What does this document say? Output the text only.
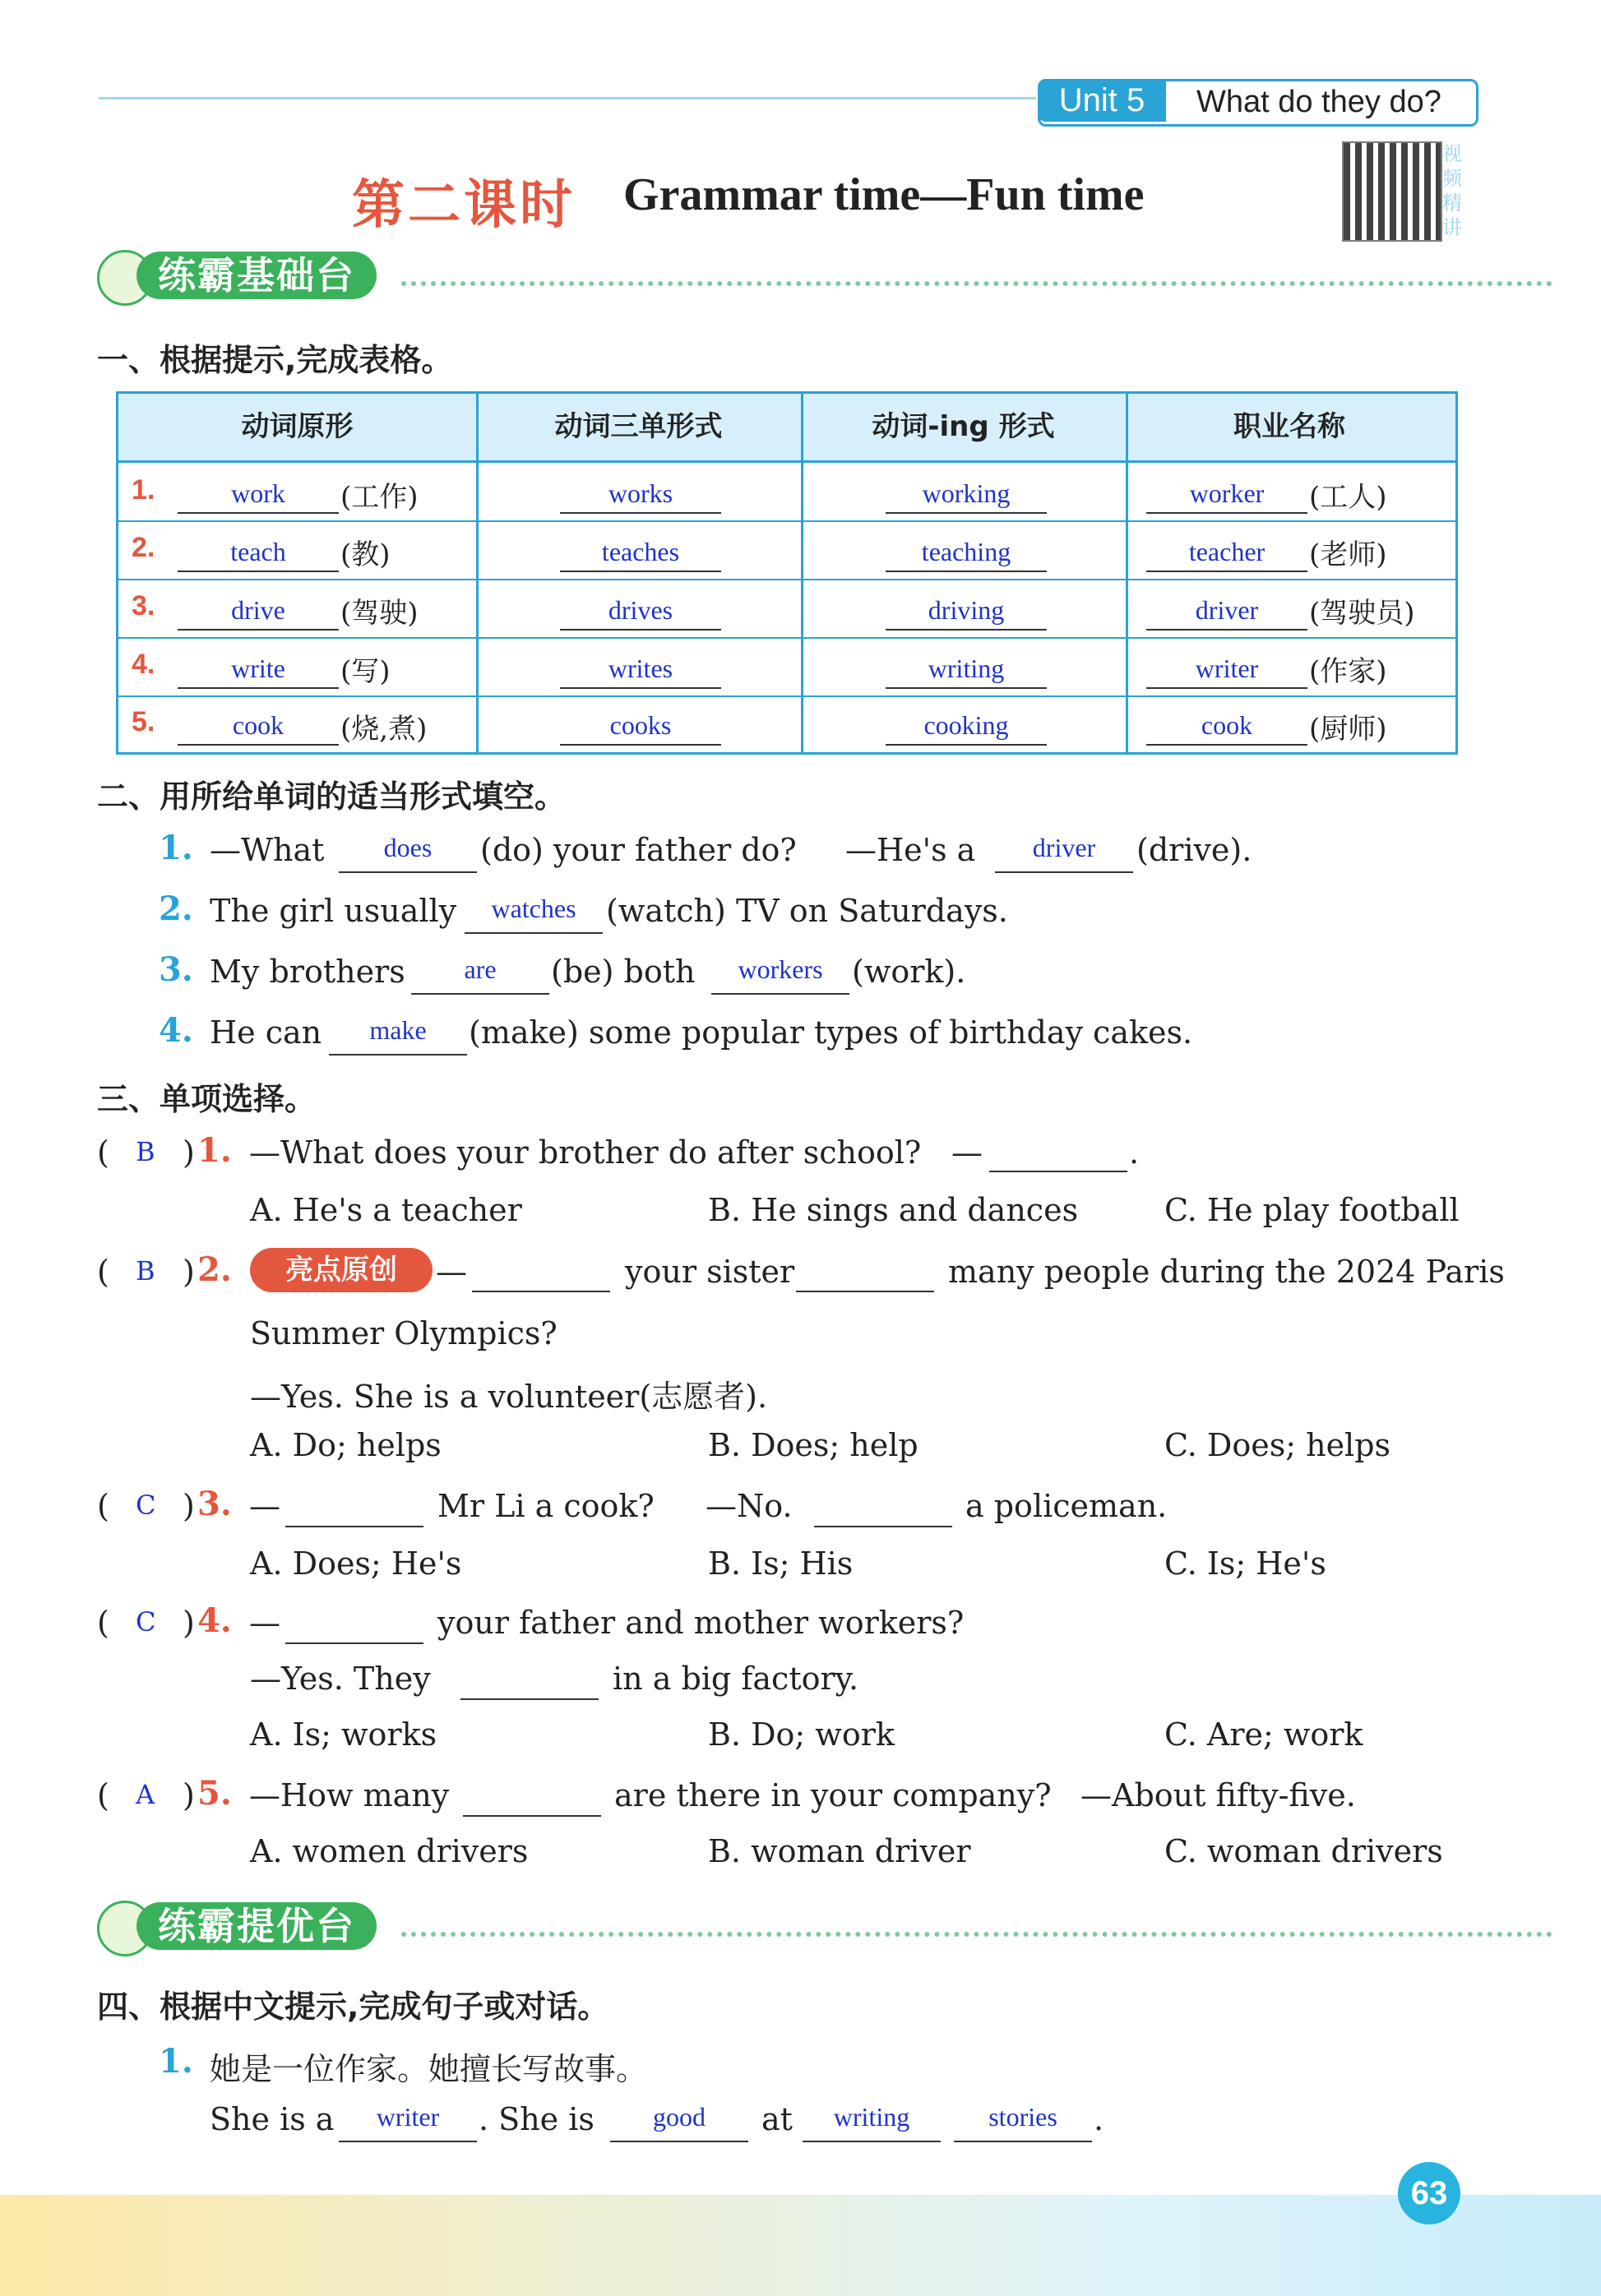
Unit 5	What do they do?
第二课时 Grammar time—Fun time
视频精讲
练霸基础台
一、根据提示,完成表格。
动词原形	动词三单形式	动词-ing 形式	职业名称
1.	work	(工作)	works	working	worker	(工人)
2.	teach	(教)	teaches	teaching	teacher	(老师)
3.	drive	(驾驶)	drives	driving	driver	(驾驶员)
4.	write	(写)	writes	writing	writer	(作家)
5.	cook	(烧,煮)	cooks	cooking	cook	(厨师)
二、用所给单词的适当形式填空。
1. —What	does	(do) your father do? —He's a	driver	(drive).
2. The girl usually	watches (watch) TV on Saturdays.
3. My brothers	are	(be) both	workers (work).
4. He can	make	(make) some popular types of birthday cakes.
三、单项选择。
( B ) 1. —What does your brother do after school? —	.
A. He's a teacher	B. He sings and dances	C. He play football
( B ) 2.	亮点原创	—	your sister	many people during the 2024 Paris
Summer Olympics?
—Yes. She is a volunteer(志愿者).
A. Do; helps	B. Does; help	C. Does; helps
( C ) 3. —	Mr Li a cook? —No.	a policeman.
A. Does; He's	B. Is; His	C. Is; He's
( C ) 4. —	your father and mother workers?
—Yes. They	in a big factory.
A. Is; works	B. Do; work	C. Are; work
( A ) 5. —How many	are there in your company? —About fifty-five.
A. women drivers	B. woman driver	C. woman drivers
练霸提优台
四、根据中文提示,完成句子或对话。
1. 她是一位作家。她擅长写故事。
She is a	writer	. She is	good	at	writing	stories	.
63
